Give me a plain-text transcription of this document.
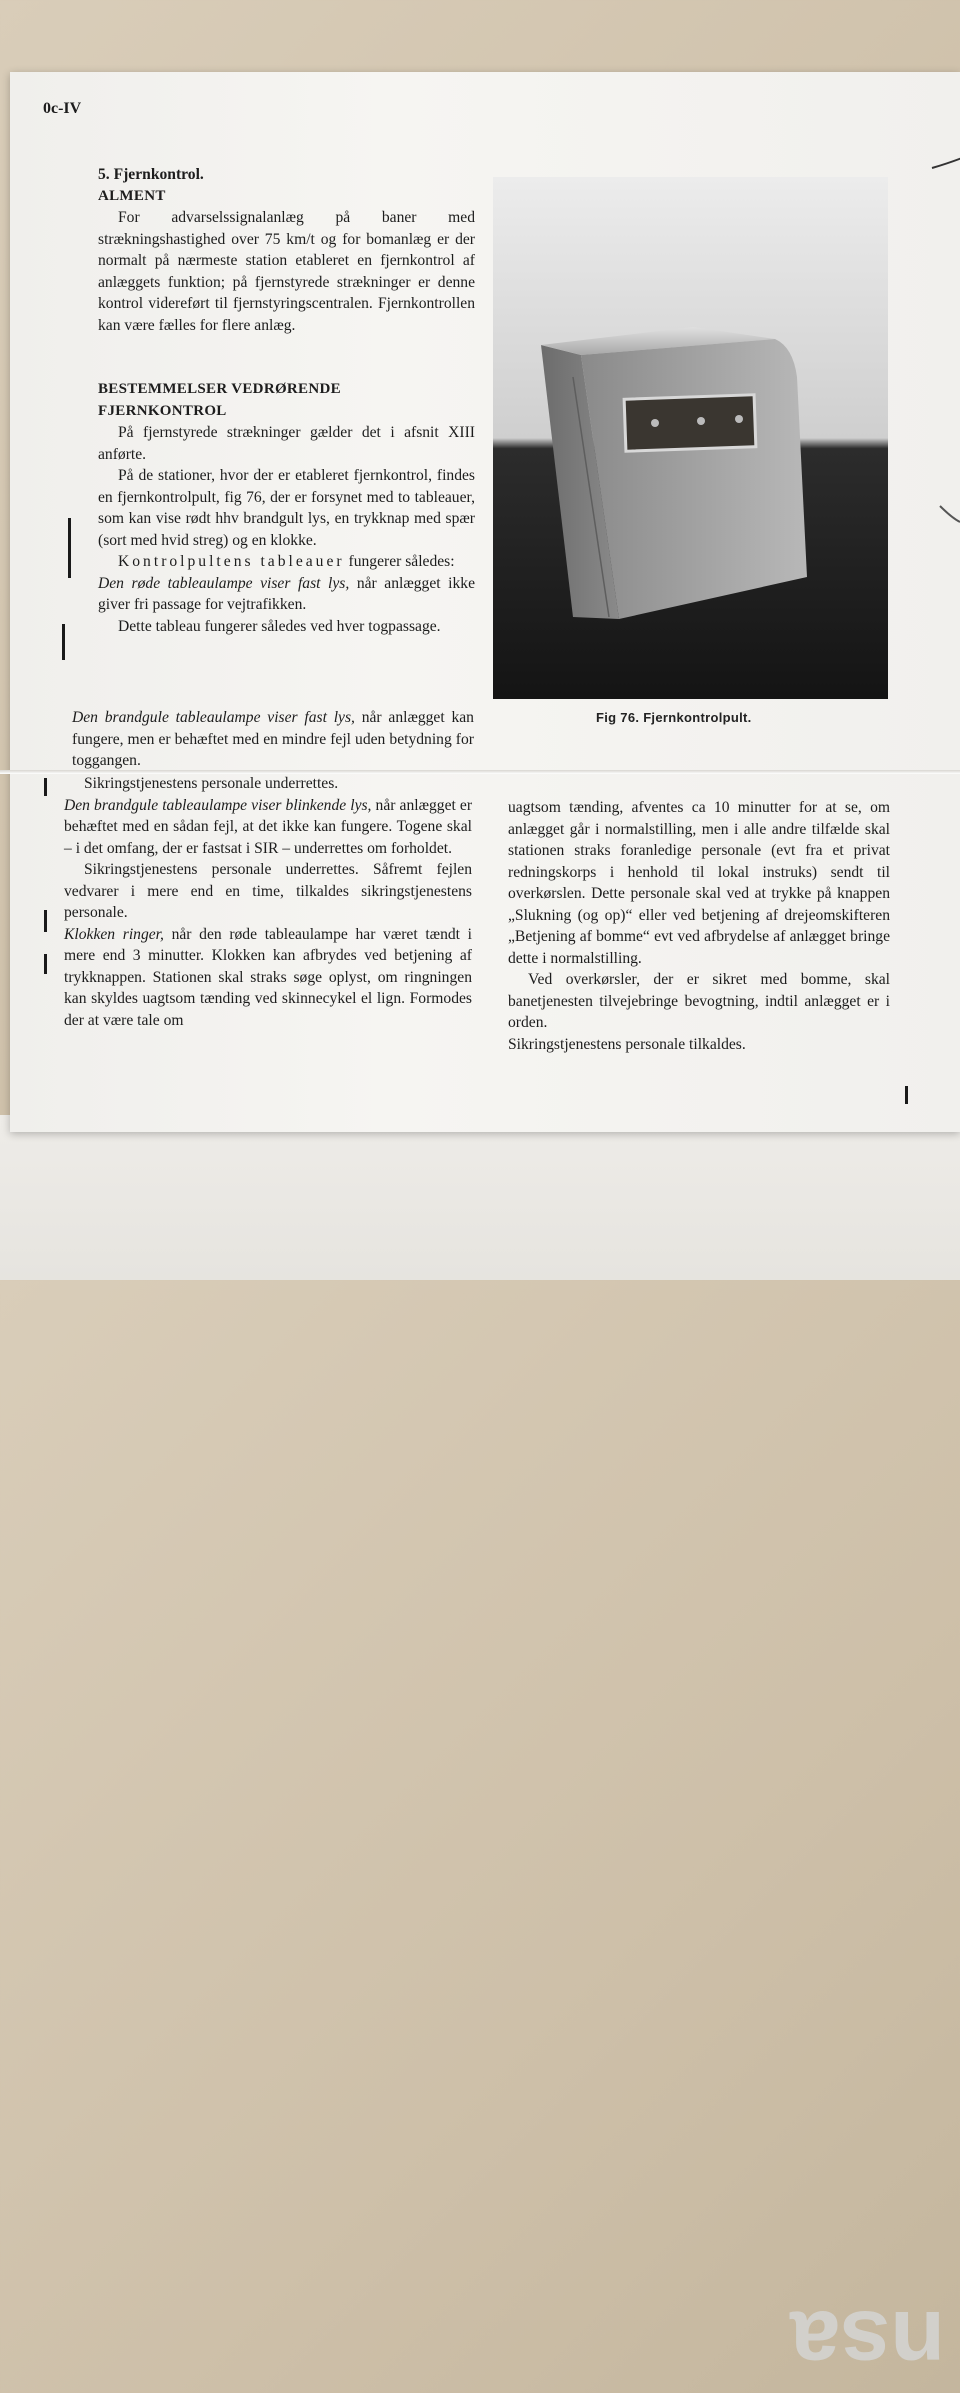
nsa
0c-IV

5. Fjernkontrol.

ALMENT

For advarselssignalanlæg på baner med strækningshastighed over 75 km/t og for bomanlæg er der normalt på nærmeste station etableret en fjernkontrol af anlæggets funktion; på fjernstyrede strækninger er denne kontrol videreført til fjernstyringscentralen. Fjernkontrollen kan være fælles for flere anlæg.

BESTEMMELSER VEDRØRENDE

FJERNKONTROL

På fjernstyrede strækninger gælder det i afsnit XIII anførte.

På de stationer, hvor der er etableret fjernkontrol, findes en fjernkontrolpult, fig 76, der er forsynet med to tableauer, som kan vise rødt hhv brandgult lys, en trykknap med spær (sort med hvid streg) og en klokke.

Kontrolpultens tableauer fungerer således:

Den røde tableaulampe viser fast lys, når anlægget ikke giver fri passage for vejtrafikken.

Dette tableau fungerer således ved hver togpassage.

Den brandgule tableaulampe viser fast lys, når anlægget kan fungere, men er behæftet med en mindre fejl uden betydning for toggangen.

Sikringstjenestens personale underrettes.

Den brandgule tableaulampe viser blinkende lys, når anlægget er behæftet med en sådan fejl, at det ikke kan fungere. Togene skal – i det omfang, der er fastsat i SIR – underrettes om forholdet.

Sikringstjenestens personale underrettes. Såfremt fejlen vedvarer i mere end en time, tilkaldes sikringstjenestens personale.

Klokken ringer, når den røde tableaulampe har været tændt i mere end 3 minutter. Klokken kan afbrydes ved betjening af trykknappen. Stationen skal straks søge oplyst, om ringningen kan skyldes uagtsom tænding ved skinnecykel el lign. Formodes der at være tale om

uagtsom tænding, afventes ca 10 minutter for at se, om anlægget går i normalstilling, men i alle andre tilfælde skal stationen straks foranledige personale (evt fra et privat redningskorps i henhold til lokal instruks) sendt til overkørslen. Dette personale skal ved at trykke på knappen „Slukning (og op)“ eller ved betjening af drejeomskifteren „Betjening af bomme“ evt ved afbrydelse af anlægget bringe dette i normalstilling.

Ved overkørsler, der er sikret med bomme, skal banetjenesten tilvejebringe bevogtning, indtil anlægget er i orden.

Sikringstjenestens personale tilkaldes.

Fig 76. Fjernkontrolpult.
